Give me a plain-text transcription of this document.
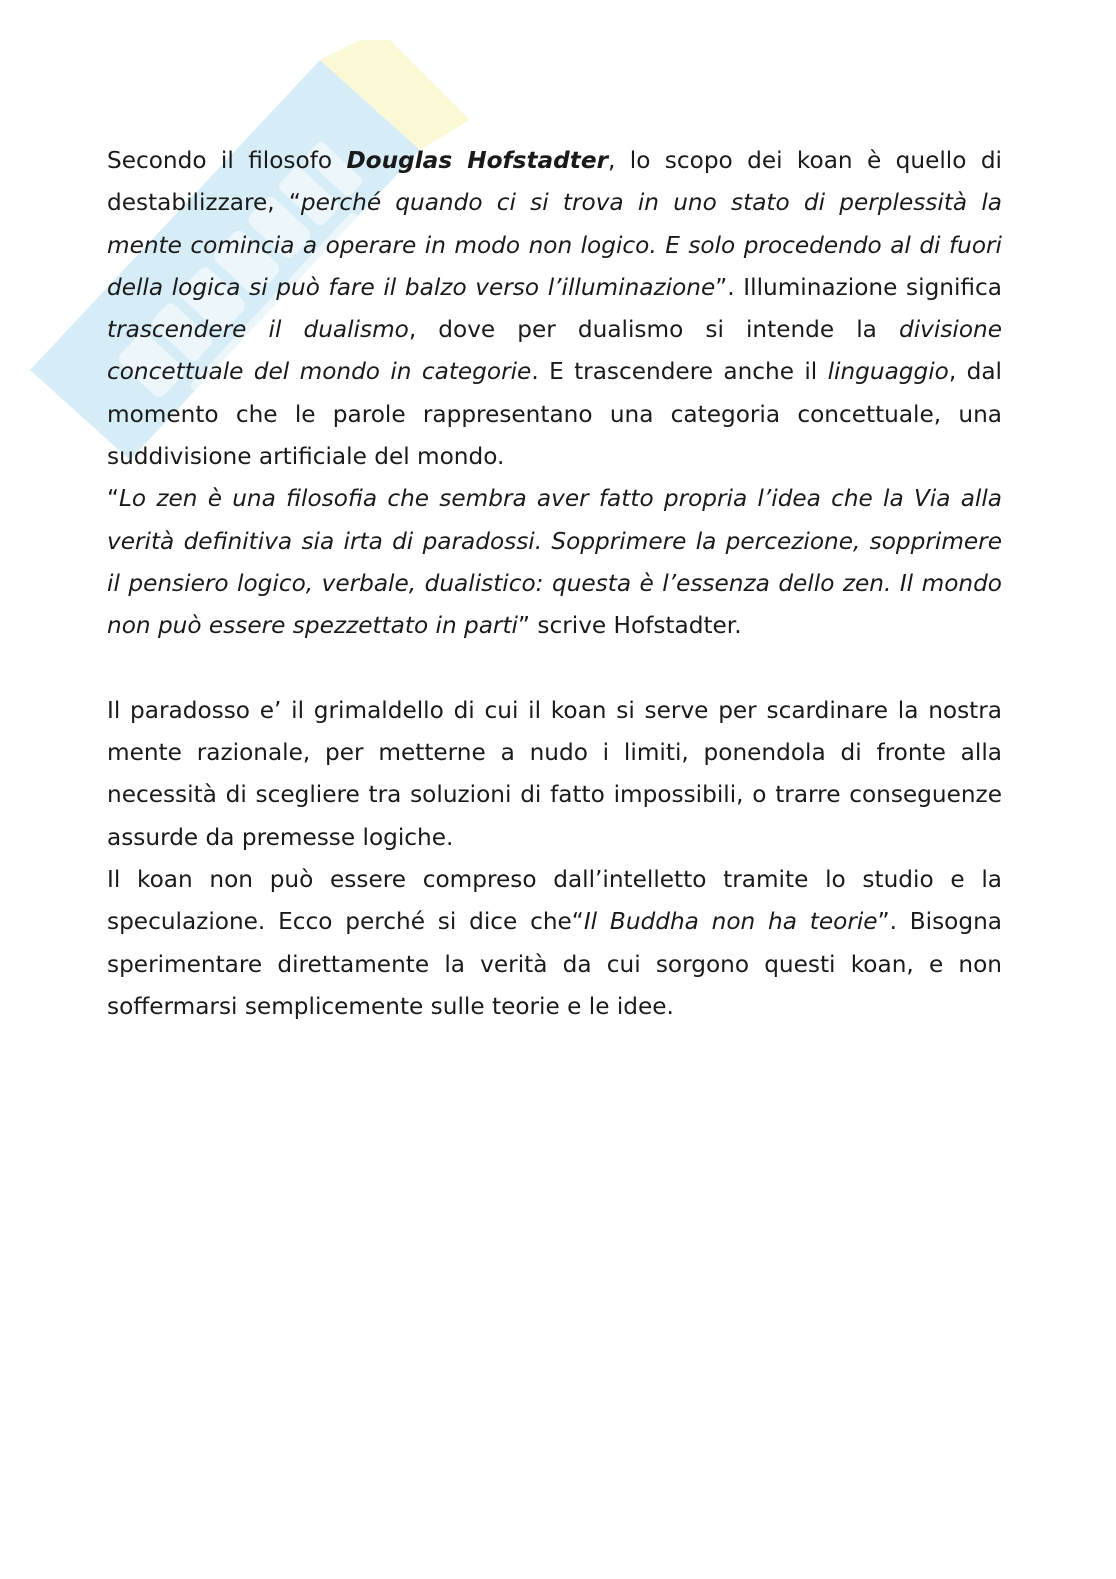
Secondo il filosofo Douglas Hofstadter, lo scopo dei koan è quello di destabilizzare, “perché quando ci si trova in uno stato di perplessità la mente comincia a operare in modo non logico. E solo procedendo al di fuori della logica si può fare il balzo verso l’illuminazione”. Illuminazione significa trascendere il dualismo, dove per dualismo si intende la divisione concettuale del mondo in categorie. E trascendere anche il linguaggio, dal momento che le parole rappresentano una categoria concettuale, una suddivisione artificiale del mondo.

“Lo zen è una filosofia che sembra aver fatto propria l’idea che la Via alla verità definitiva sia irta di paradossi. Sopprimere la percezione, sopprimere il pensiero logico, verbale, dualistico: questa è l’essenza dello zen. Il mondo non può essere spezzettato in parti” scrive Hofstadter.

Il paradosso e’ il grimaldello di cui il koan si serve per scardinare la nostra mente razionale, per metterne a nudo i limiti, ponendola di fronte alla necessità di scegliere tra soluzioni di fatto impossibili, o trarre conseguenze assurde da premesse logiche.

Il koan non può essere compreso dall’intelletto tramite lo studio e la speculazione. Ecco perché si dice che“Il Buddha non ha teorie”. Bisogna sperimentare direttamente la verità da cui sorgono questi koan, e non soffermarsi semplicemente sulle teorie e le idee.
